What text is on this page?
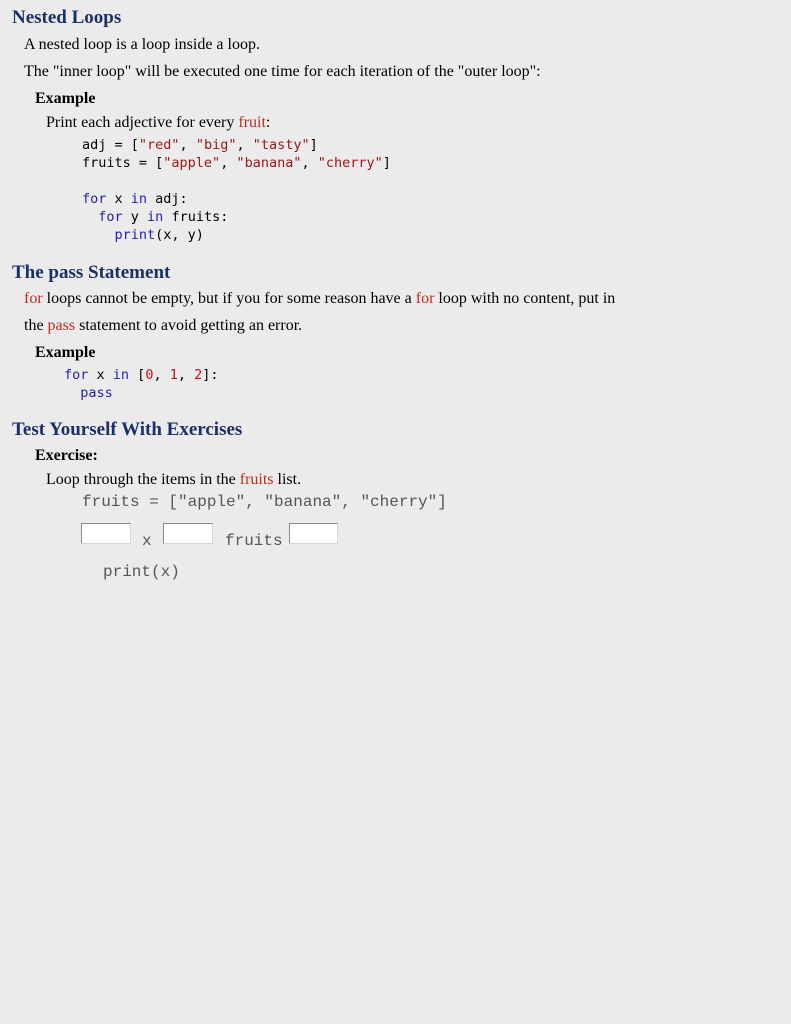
Nested Loops

A nested loop is a loop inside a loop.

The "inner loop" will be executed one time for each iteration of the "outer loop":

Example

Print each adjective for every fruit:

adj = ["red", "big", "tasty"]
fruits = ["apple", "banana", "cherry"]

for x in adj:
for y in fruits:
print(x, y)
The pass Statement

for loops cannot be empty, but if you for some reason have a for loop with no content, put in

the pass statement to avoid getting an error.

Example

for x in [0, 1, 2]:
pass
Test Yourself With Exercises

Exercise:

Loop through the items in the fruits list.

fruits = ["apple", "banana", "cherry"]
x	fruits
print(x)
